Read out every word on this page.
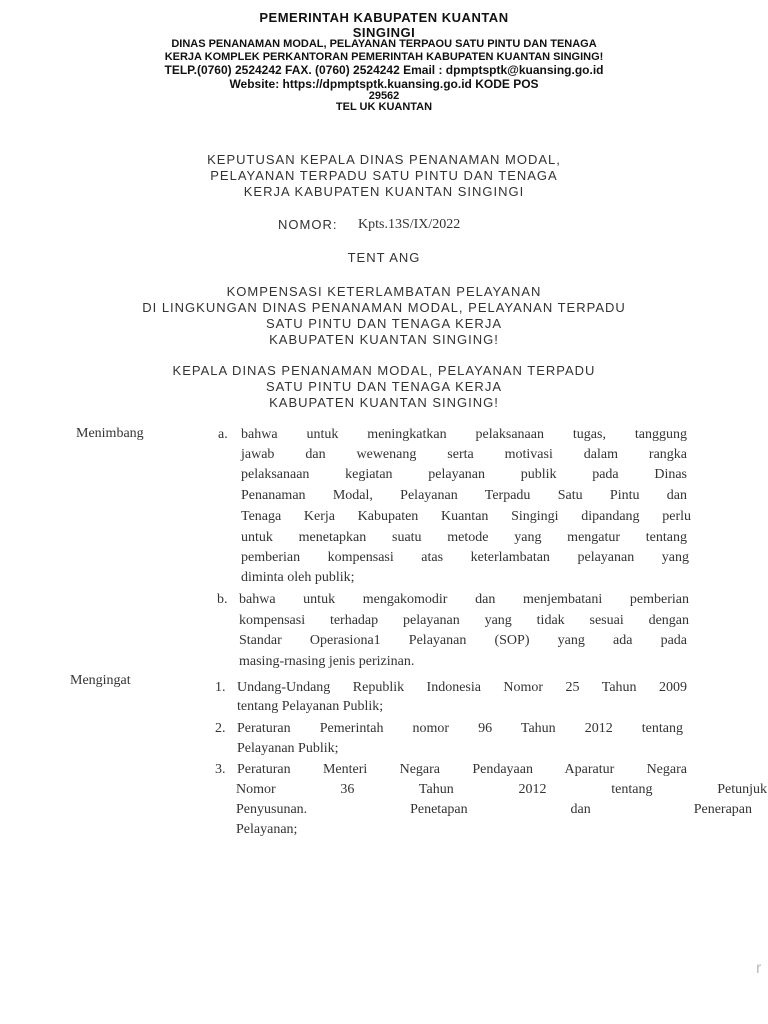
PEMERINTAH KABUPATEN KUANTAN
SINGINGI
DINAS PENANAMAN MODAL, PELAYANAN TERPAOU SATU PINTU DAN TENAGA
KERJA KOMPLEK PERKANTORAN PEMERINTAH KABUPATEN KUANTAN SINGING!
TELP.(0760) 2524242 FAX. (0760) 2524242 Email : dpmptsptk@kuansing.go.id
Website: https://dpmptsptk.kuansing.go.id KODE POS
29562
TEL UK KUANTAN
KEPUTUSAN KEPALA DINAS PENANAMAN MODAL,
PELAYANAN TERPADU SATU PINTU DAN TENAGA
KERJA KABUPATEN KUANTAN SINGINGI
NOMOR: Kpts.13S/IX/2022
TENT ANG
KOMPENSASI KETERLAMBATAN PELAYANAN
DI LINGKUNGAN DINAS PENANAMAN MODAL, PELAYANAN TERPADU
SATU PINTU DAN TENAGA KERJA
KABUPATEN KUANTAN SINGING!
KEPALA DINAS PENANAMAN MODAL, PELAYANAN TERPADU
SATU PINTU DAN TENAGA KERJA
KABUPATEN KUANTAN SINGING!
Menimbang	a. bahwa untuk meningkatkan pelaksanaan tugas, tanggung
jawab dan wewenang serta motivasi dalam rangka
pelaksanaan kegiatan pelayanan publik pada Dinas
Penanaman Modal, Pelayanan Terpadu Satu Pintu dan
Tenaga Kerja Kabupaten Kuantan Singingi dipandang perlu
untuk menetapkan suatu metode yang mengatur tentang
pemberian kompensasi atas keterlambatan pelayanan yang
diminta oleh publik;
b. bahwa untuk mengakomodir dan menjembatani pemberian
kompensasi terhadap pelayanan yang tidak sesuai dengan
Standar Operasiona1 Pelayanan (SOP) yang ada pada
masing-rnasing jenis perizinan.
Mengingat	1. Undang-Undang Republik Indonesia Nomor 25 Tahun 2009
tentang Pelayanan Publik;
2. Peraturan Pemerintah nomor 96 Tahun 2012 tentang
Pelayanan Publik;
3. Peraturan Menteri Negara Pendayaan Aparatur Negara
Nomor 36 Tahun 2012 tentang Petunjuk
Penyusunan. Penetapan dan Penerapan
Pelayanan;
r
